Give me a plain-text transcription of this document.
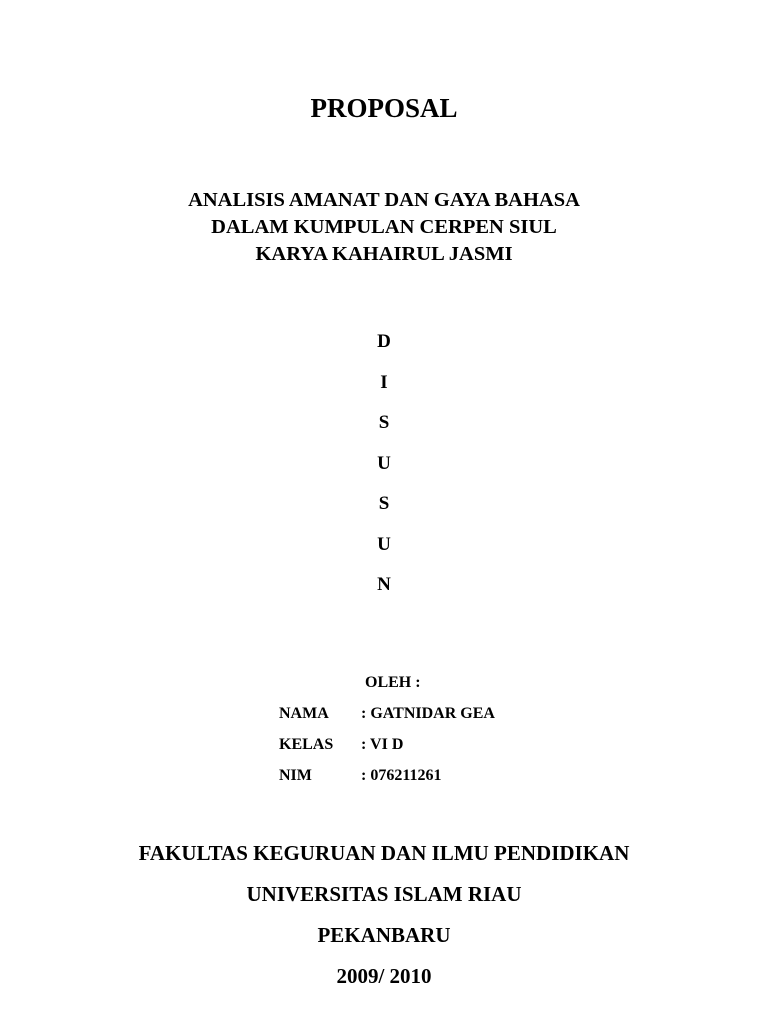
PROPOSAL
ANALISIS AMANAT DAN GAYA BAHASA
DALAM KUMPULAN CERPEN SIUL
KARYA KAHAIRUL JASMI
D
I
S
U
S
U
N
OLEH :
NAMA : GATNIDAR GEA
KELAS : VI D
NIM	: 076211261
FAKULTAS KEGURUAN DAN ILMU PENDIDIKAN
UNIVERSITAS ISLAM RIAU
PEKANBARU
2009/ 2010
